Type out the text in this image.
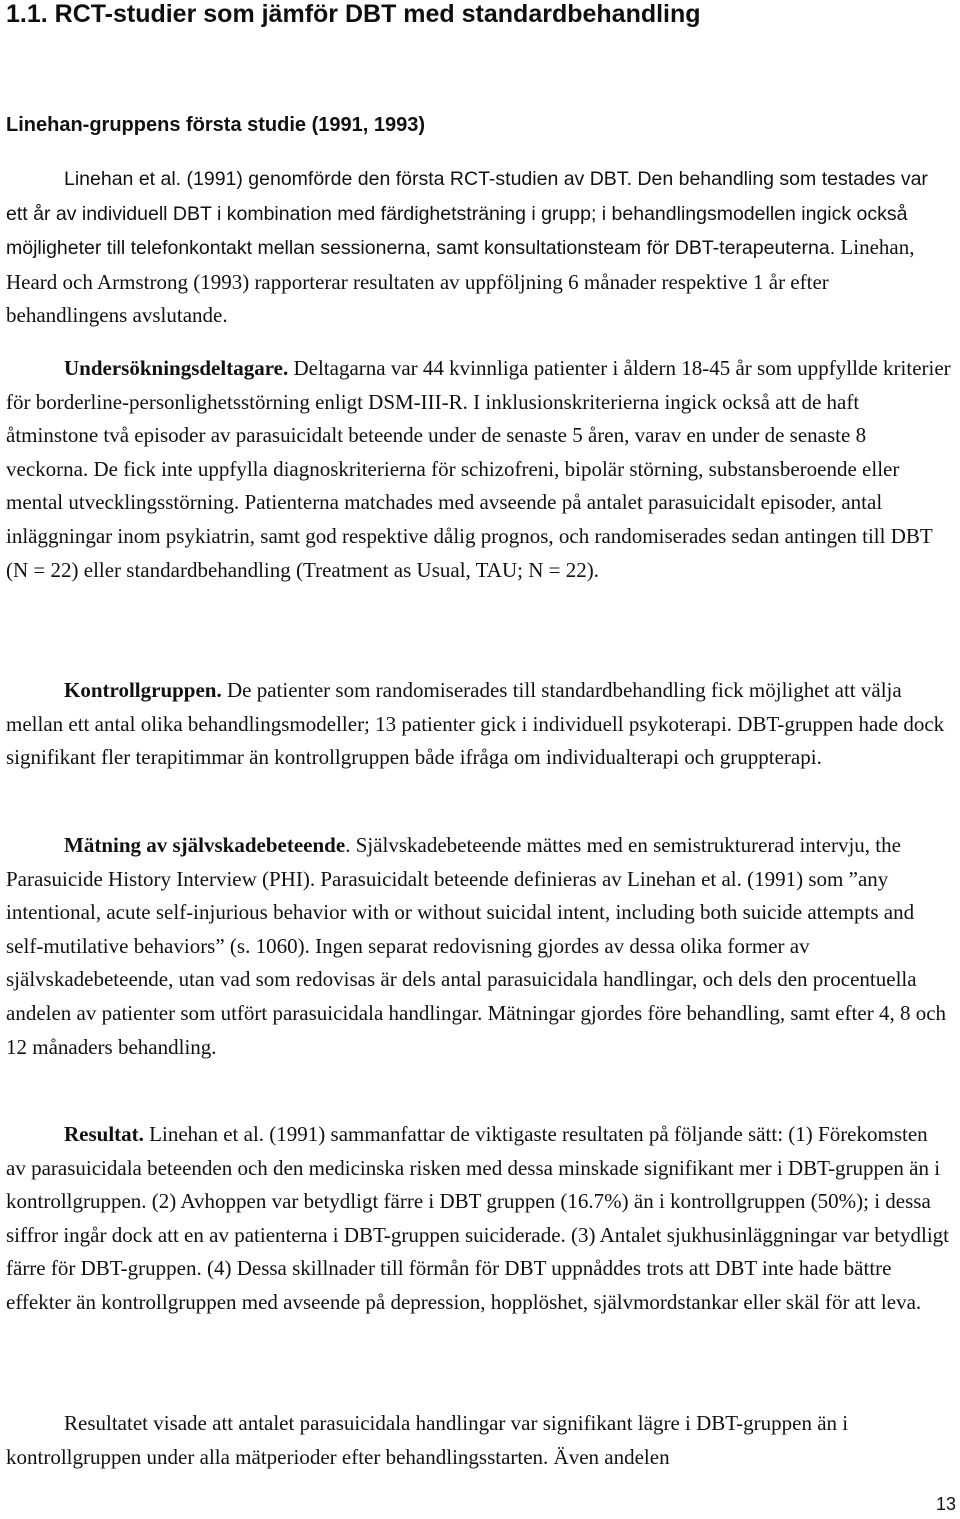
1.1. RCT-studier som jämför DBT med standardbehandling
Linehan-gruppens första studie (1991, 1993)

Linehan et al. (1991) genomförde den första RCT-studien av DBT. Den behandling som testades var ett år av individuell DBT i kombination med färdighetsträning i grupp; i behandlingsmodellen ingick också möjligheter till telefonkontakt mellan sessionerna, samt konsultationsteam för DBT-terapeuterna. Linehan, Heard och Armstrong (1993) rapporterar resultaten av uppföljning 6 månader respektive 1 år efter behandlingens avslutande.

Undersökningsdeltagare. Deltagarna var 44 kvinnliga patienter i åldern 18-45 år som uppfyllde kriterier för borderline-personlighetsstörning enligt DSM-III-R. I inklusionskriterierna ingick också att de haft åtminstone två episoder av parasuicidalt beteende under de senaste 5 åren, varav en under de senaste 8 veckorna. De fick inte uppfylla diagnoskriterierna för schizofreni, bipolär störning, substansberoende eller mental utvecklingsstörning. Patienterna matchades med avseende på antalet parasuicidalt episoder, antal inläggningar inom psykiatrin, samt god respektive dålig prognos, och randomiserades sedan antingen till DBT (N = 22) eller standardbehandling (Treatment as Usual, TAU; N = 22).

Kontrollgruppen. De patienter som randomiserades till standardbehandling fick möjlighet att välja mellan ett antal olika behandlingsmodeller; 13 patienter gick i individuell psykoterapi. DBT-gruppen hade dock signifikant fler terapitimmar än kontrollgruppen både ifråga om individualterapi och gruppterapi.

Mätning av självskadebeteende. Självskadebeteende mättes med en semistrukturerad intervju, the Parasuicide History Interview (PHI). Parasuicidalt beteende definieras av Linehan et al. (1991) som ”any intentional, acute self-injurious behavior with or without suicidal intent, including both suicide attempts and self-mutilative behaviors” (s. 1060). Ingen separat redovisning gjordes av dessa olika former av självskadebeteende, utan vad som redovisas är dels antal parasuicidala handlingar, och dels den procentuella andelen av patienter som utfört parasuicidala handlingar. Mätningar gjordes före behandling, samt efter 4, 8 och 12 månaders behandling.

Resultat. Linehan et al. (1991) sammanfattar de viktigaste resultaten på följande sätt: (1) Förekomsten av parasuicidala beteenden och den medicinska risken med dessa minskade signifikant mer i DBT-gruppen än i kontrollgruppen. (2) Avhoppen var betydligt färre i DBT gruppen (16.7%) än i kontrollgruppen (50%); i dessa siffror ingår dock att en av patienterna i DBT-gruppen suiciderade. (3) Antalet sjukhusinläggningar var betydligt färre för DBT-gruppen. (4) Dessa skillnader till förmån för DBT uppnåddes trots att DBT inte hade bättre effekter än kontrollgruppen med avseende på depression, hopplöshet, självmordstankar eller skäl för att leva.

Resultatet visade att antalet parasuicidala handlingar var signifikant lägre i DBT-gruppen än i kontrollgruppen under alla mätperioder efter behandlingsstarten. Även andelen

13
